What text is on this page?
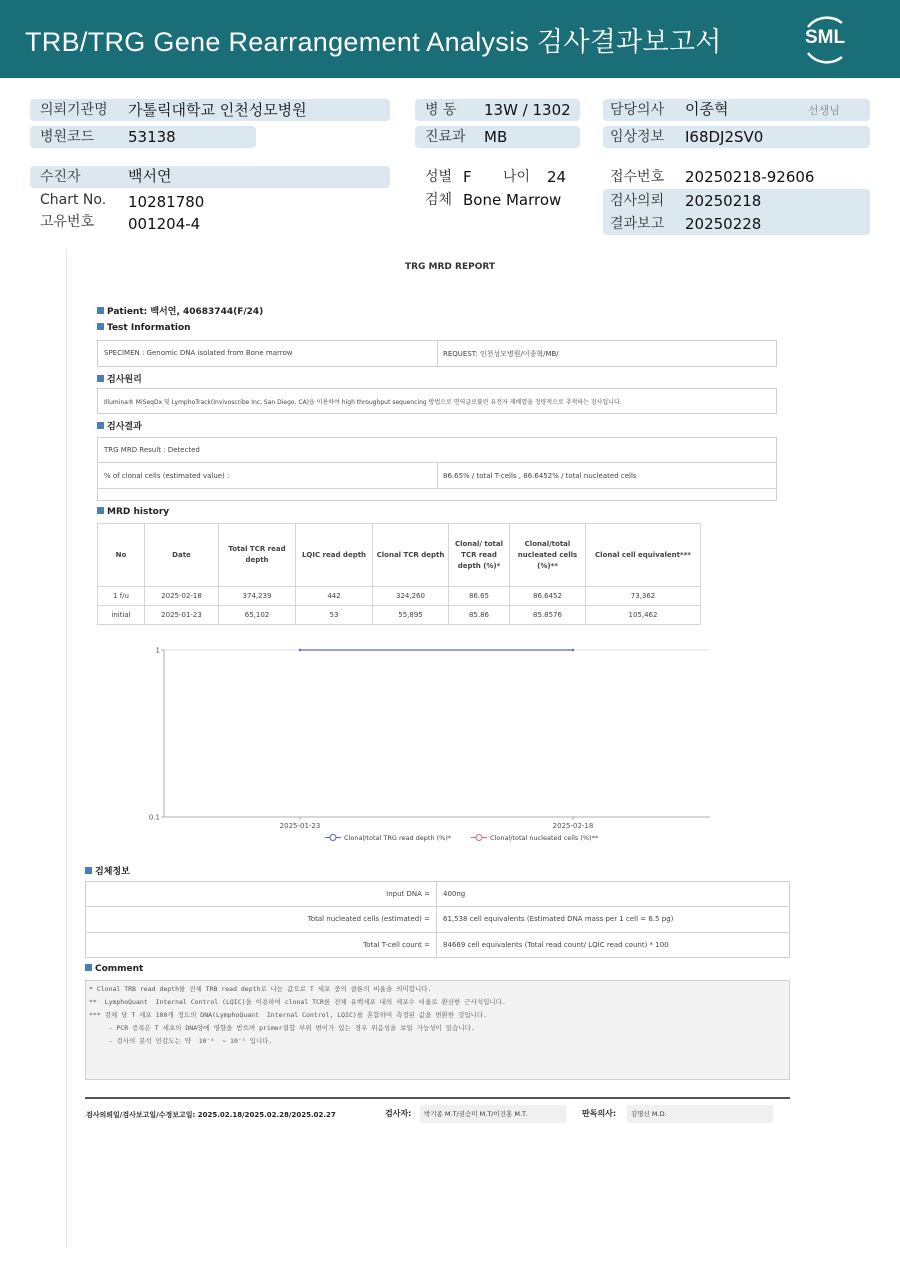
TRB/TRG Gene Rearrangement Analysis 검사결과보고서	SML
의뢰기관명 가톨릭대학교 인천성모병원	병 동 13W / 1302	담당의사 이종혁	선생님
병원코드 53138	진료과 MB	임상정보 I68DJ2SV0
수진자	백서연	성별 F 나이 24	접수번호 20250218-92606
Chart No. 10281780	검체 Bone Marrow	검사의뢰 20250218
고유번호 001204-4	결과보고 20250228
TRG MRD REPORT
Patient: 백서연, 40683744(F/24)
Test Information
SPECIMEN : Genomic DNA isolated from Bone marrow	REQUEST: 인천성모병원/이종혁/MB/
검사원리
Illumina® MiSeqDx 및 LymphoTrack(Invivoscribe Inc, San Diego, CA)을 이용하여 high throughput sequencing 방법으로 면역글로불린 유전자 재배열을 정량적으로 추적하는 검사입니다.
검사결과
TRG MRD Result : Detected
% of clonal cells (estimated value) :	86.65% / total T-cells , 86.6452% / total nucleated cells
MRD history
No	Date	Total TCR read depth	LQIC read depth	Clonal TCR depth	Clonal/ total TCR read depth (%)*	Clonal/total nucleated cells (%)**	Clonal cell equivalent***
1 f/u	2025-02-18	374,239	442	324,260	86.65	86.6452	73,362
initial	2025-01-23	65,102	53	55,895	85.86	85.8576	105,462
1
0.1
2025-01-23	2025-02-18
Clonal/total TRG read depth (%)*	Clonal/total nucleated cells (%)**
검체정보
Input DNA = 400ng
Total nucleated cells (estimated) = 61,538 cell equivalents (Estimated DNA mass per 1 cell = 6.5 pg)
Total T-cell count = 84669 cell equivalents (Total read count/ LQIC read count) * 100
Comment
* Clonal TRB read depth를 전체 TRB read depth로 나눈 값으로 T 세포 중의 클론의 비율을 의미합니다.
**  LymphoQuant  Internal Control (LQIC)을 이용하여 clonal TCR를 전체 유핵세포 내의 세포수 비율로 환산한 근사치입니다.
*** 검체 당 T 세포 100개 정도의 DNA(LymphoQuant  Internal Control, LQIC)를 혼합하여 측정된 값을 변환한 것입니다.
- PCR 증폭은 T 세포의 DNA양에 영향을 받으며 primer결합 부위 변이가 있는 경우 위음성을 보일 가능성이 있습니다.
- 검사의 분석 민감도는 약  10⁻⁴  ~ 10⁻⁵ 입니다.
검사의뢰일/검사보고일/수정보고일: 2025.02.18/2025.02.28/2025.02.27	검사자:	박기종 M.T/권승미 M.T/이건홍 M.T.	판독의사:	김명신 M.D.
